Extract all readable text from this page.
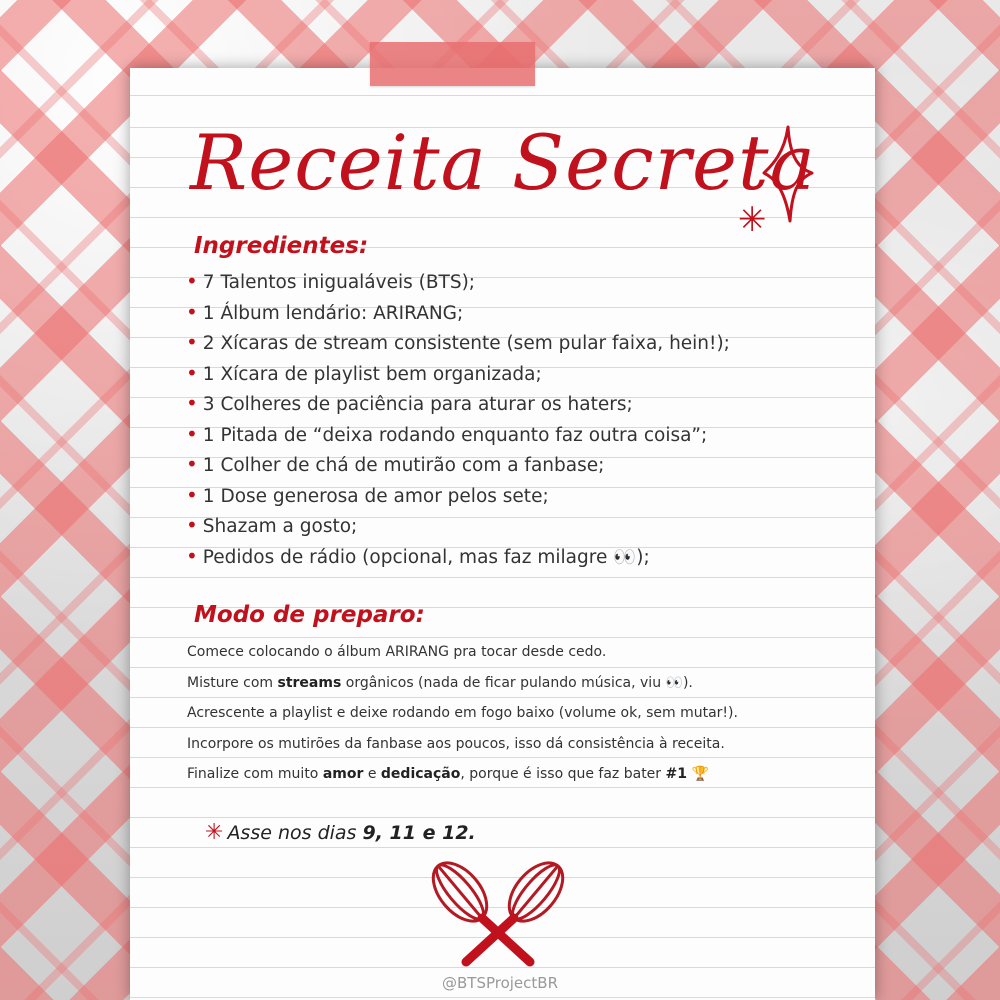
Receita Secreta
✳
Ingredientes:
• 7 Talentos inigualáveis (BTS);
• 1 Álbum lendário: ARIRANG;
• 2 Xícaras de stream consistente (sem pular faixa, hein!);
• 1 Xícara de playlist bem organizada;
• 3 Colheres de paciência para aturar os haters;
• 1 Pitada de “deixa rodando enquanto faz outra coisa”;
• 1 Colher de chá de mutirão com a fanbase;
• 1 Dose generosa de amor pelos sete;
• Shazam a gosto;
• Pedidos de rádio (opcional, mas faz milagre 👀);
Modo de preparo:
Comece colocando o álbum ARIRANG pra tocar desde cedo.
Misture com streams orgânicos (nada de ficar pulando música, viu 👀).
Acrescente a playlist e deixe rodando em fogo baixo (volume ok, sem mutar!).
Incorpore os mutirões da fanbase aos poucos, isso dá consistência à receita.
Finalize com muito amor e dedicação, porque é isso que faz bater #1 🏆
✳ Asse nos dias 9, 11 e 12.
@BTSProjectBR
